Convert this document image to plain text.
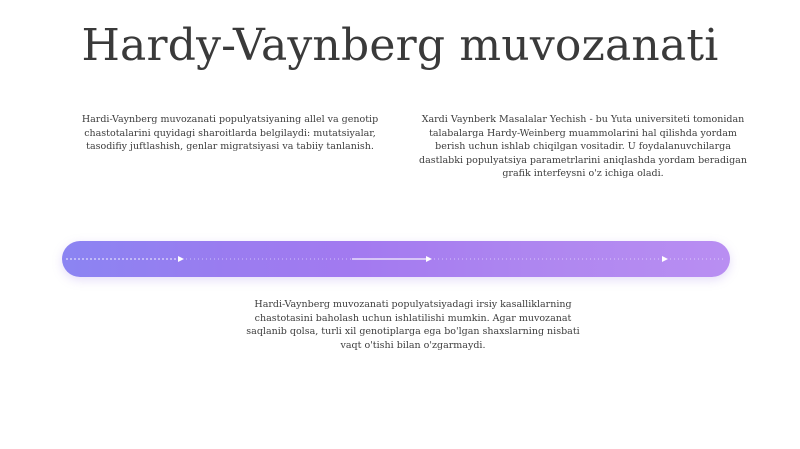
Hardy-Vaynberg muvozanati

Hardi-Vaynberg muvozanati populyatsiyaning allel va genotip chastotalarini quyidagi sharoitlarda belgilaydi: mutatsiyalar, tasodifiy juftlashish, genlar migratsiyasi va tabiiy tanlanish.

Xardi Vaynberk Masalalar Yechish - bu Yuta universiteti tomonidan talabalarga Hardy-Weinberg muammolarini hal qilishda yordam berish uchun ishlab chiqilgan vositadir. U foydalanuvchilarga dastlabki populyatsiya parametrlarini aniqlashda yordam beradigan grafik interfeysni o'z ichiga oladi.

Hardi-Vaynberg muvozanati populyatsiyadagi irsiy kasalliklarning chastotasini baholash uchun ishlatilishi mumkin. Agar muvozanat saqlanib qolsa, turli xil genotiplarga ega bo'lgan shaxslarning nisbati vaqt o'tishi bilan o'zgarmaydi.
